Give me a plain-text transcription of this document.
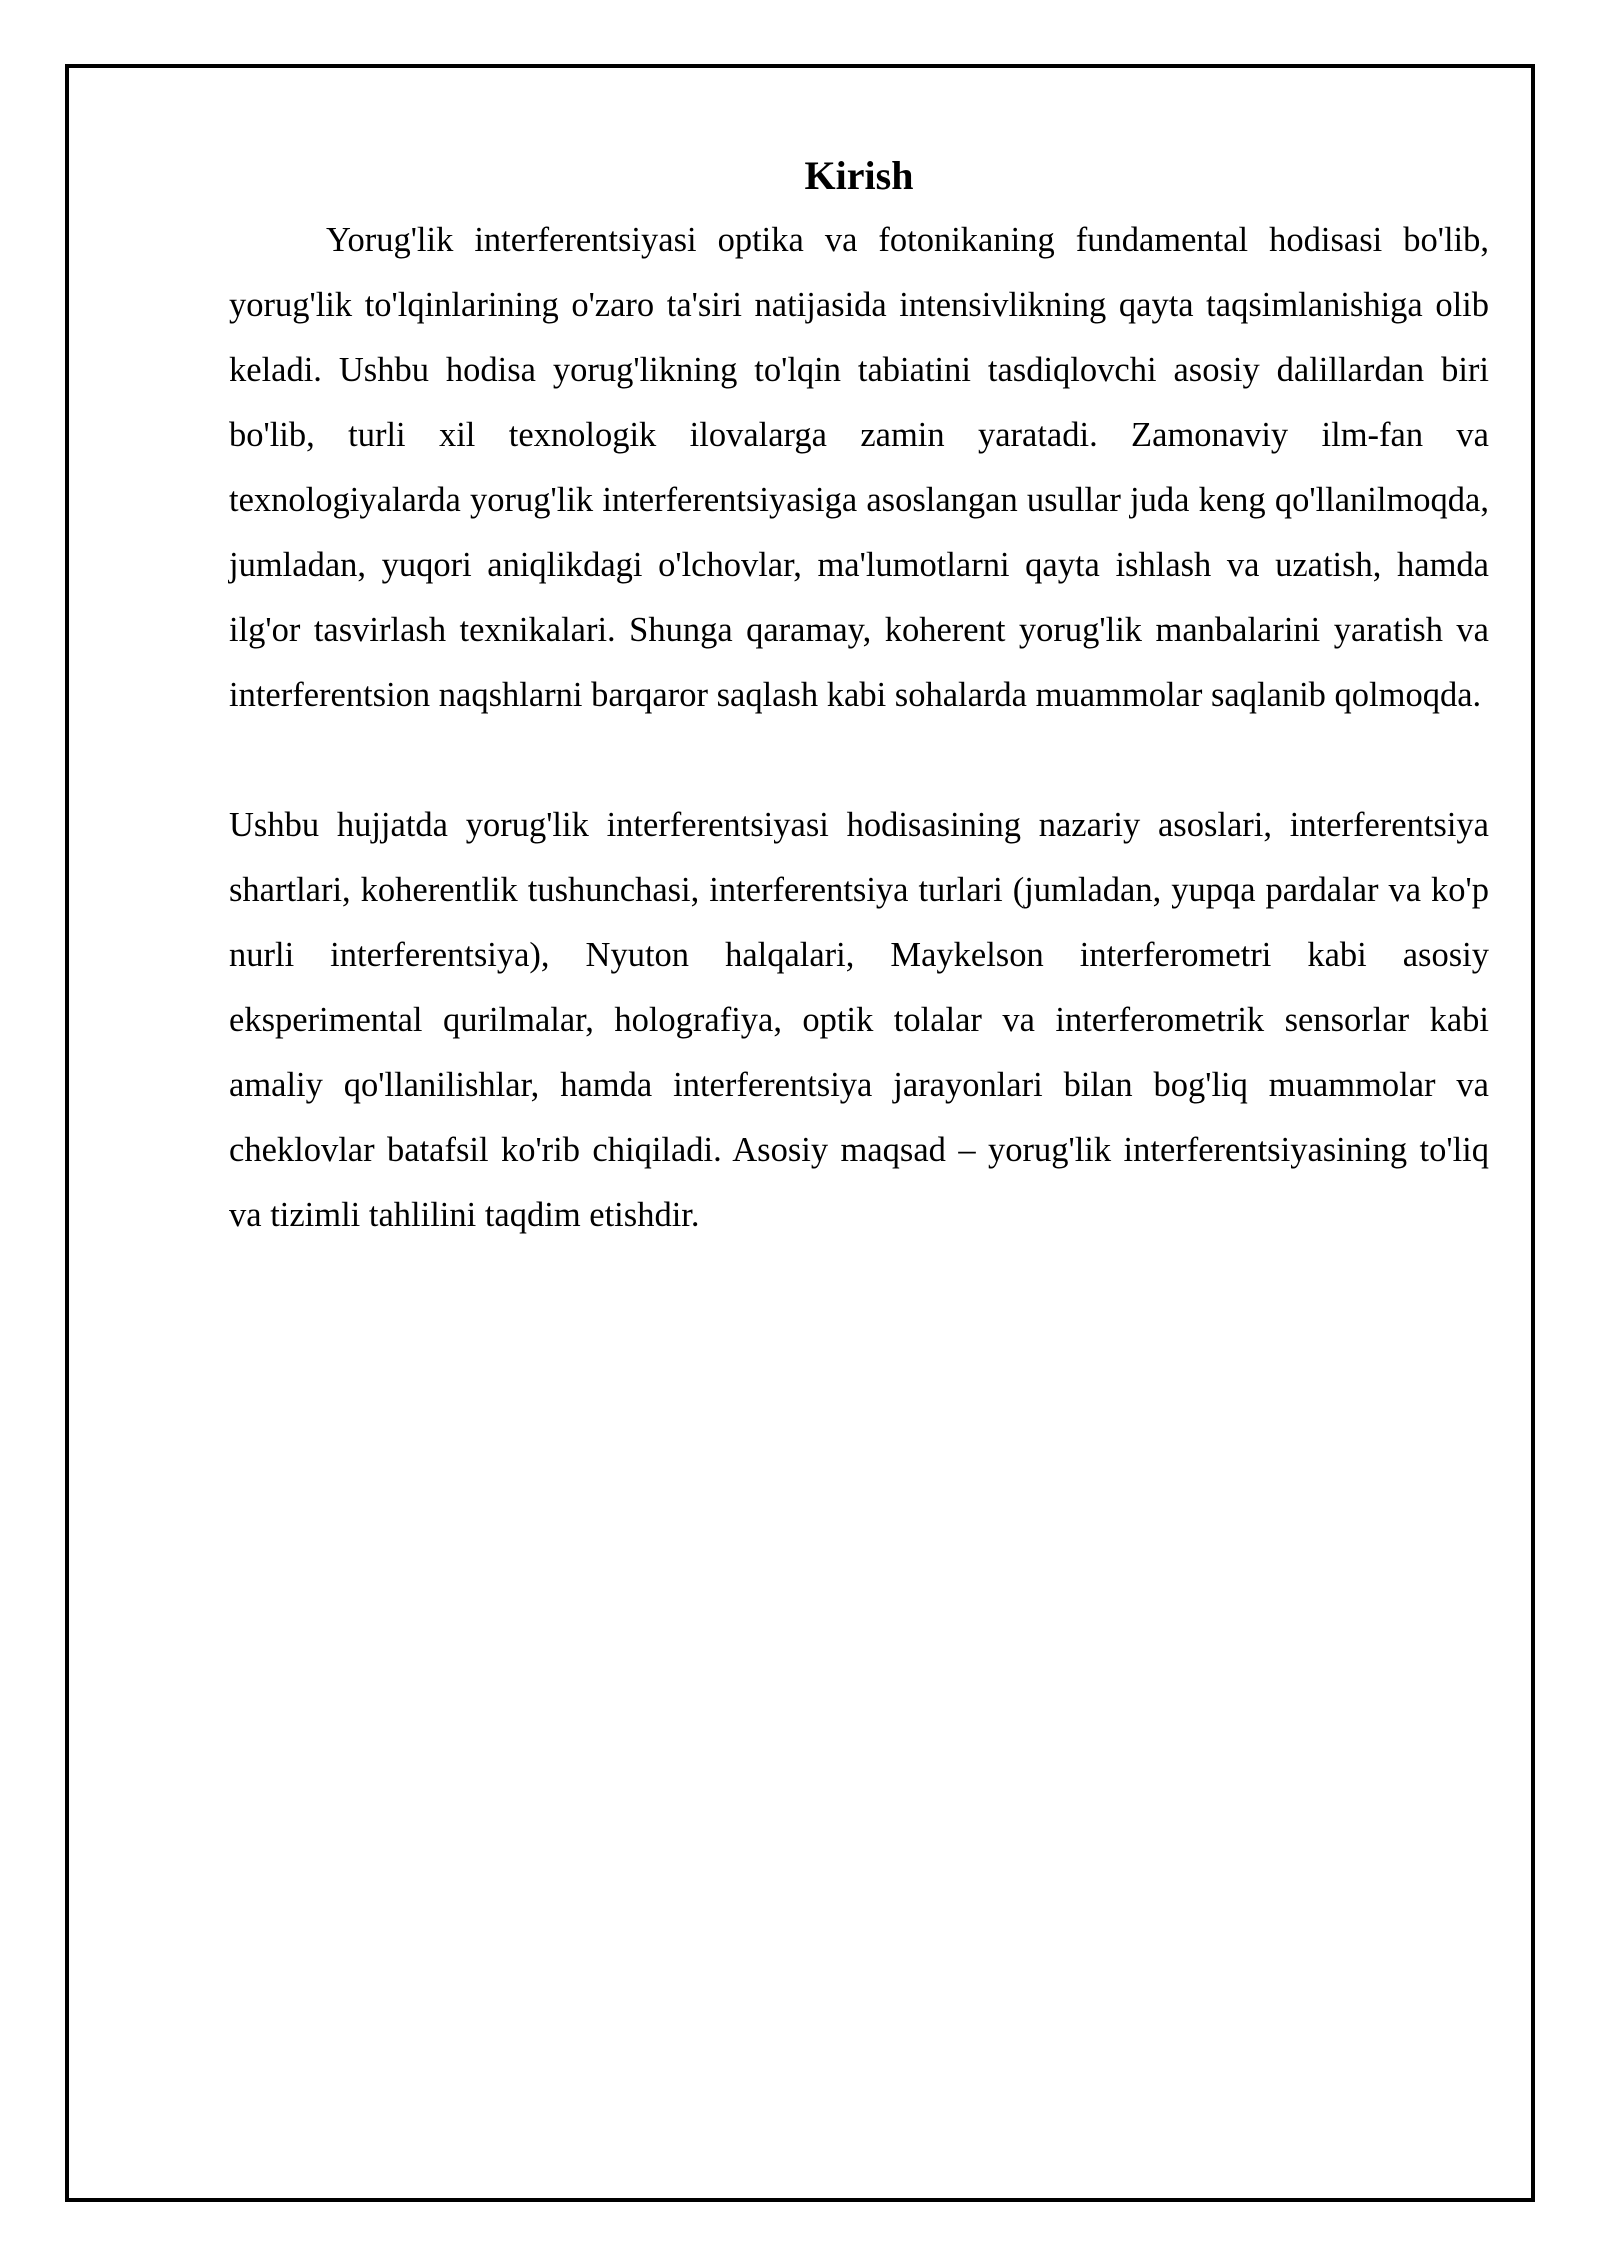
Kirish

Yorug'lik interferentsiyasi optika va fotonikaning fundamental hodisasi bo'lib, yorug'lik to'lqinlarining o'zaro ta'siri natijasida intensivlikning qayta taqsimlanishiga olib keladi. Ushbu hodisa yorug'likning to'lqin tabiatini tasdiqlovchi asosiy dalillardan biri bo'lib, turli xil texnologik ilovalarga zamin yaratadi. Zamonaviy ilm-fan va texnologiyalarda yorug'lik interferentsiyasiga asoslangan usullar juda keng qo'llanilmoqda, jumladan, yuqori aniqlikdagi o'lchovlar, ma'lumotlarni qayta ishlash va uzatish, hamda ilg'or tasvirlash texnikalari. Shunga qaramay, koherent yorug'lik manbalarini yaratish va interferentsion naqshlarni barqaror saqlash kabi sohalarda muammolar saqlanib qolmoqda.

Ushbu hujjatda yorug'lik interferentsiyasi hodisasining nazariy asoslari, interferentsiya shartlari, koherentlik tushunchasi, interferentsiya turlari (jumladan, yupqa pardalar va ko'p nurli interferentsiya), Nyuton halqalari, Maykelson interferometri kabi asosiy eksperimental qurilmalar, holografiya, optik tolalar va interferometrik sensorlar kabi amaliy qo'llanilishlar, hamda interferentsiya jarayonlari bilan bog'liq muammolar va cheklovlar batafsil ko'rib chiqiladi. Asosiy maqsad – yorug'lik interferentsiyasining to'liq va tizimli tahlilini taqdim etishdir.
